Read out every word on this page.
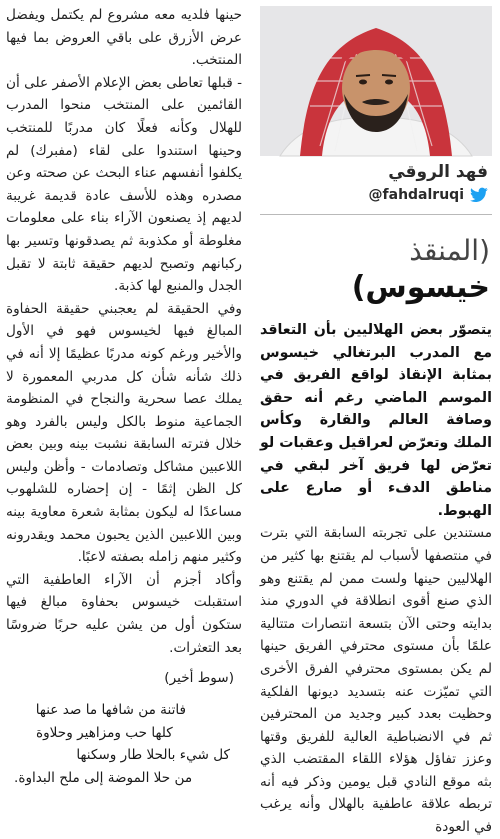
فهد الروقي
@fahdalruqi
(المنقذ
خيسوس)
يتصوّر بعض الهلاليين بأن التعاقد مع المدرب البرتغالي خيسوس بمثابة الإنقاذ لواقع الفريق في الموسم الماضي رغم أنه حقق وصافة العالم والقارة وكأس الملك وتعرّض لعراقيل وعقبات لو تعرّض لها فريق آخر لبقي في مناطق الدفء أو صارع على الهبوط.

مستندين على تجربته السابقة التي بترت في منتصفها لأسباب لم يقتنع بها كثير من الهلاليين حينها ولست ممن لم يقتنع وهو الذي صنع أقوى انطلاقة في الدوري منذ بدايته وحتى الآن بتسعة انتصارات متتالية علمًا بأن مستوى محترفي الفريق حينها لم يكن بمستوى محترفي الفرق الأخرى التي تميّزت عنه بتسديد ديونها الفلكية وحظيت بعدد كبير وجديد من المحترفين ثم في الانضباطية العالية للفريق وقتها وعزز تفاؤل هؤلاء اللقاء المقتضب الذي بثه موقع النادي قبل يومين وذكر فيه أنه تربطه علاقة عاطفية بالهلال وأنه يرغب في العودة

حينها فلديه معه مشروع لم يكتمل ويفضل عرض الأزرق على باقي العروض بما فيها المنتخب.

- قبلها تعاطى بعض الإعلام الأصفر على أن القائمين على المنتخب منحوا المدرب للهلال وكأنه فعلًا كان مدربًا للمنتخب وحينها استندوا على لقاء (مفبرك) لم يكلفوا أنفسهم عناء البحث عن صحته وعن مصدره وهذه للأسف عادة قديمة غريبة لديهم إذ يصنعون الآراء بناء على معلومات مغلوطة أو مكذوبة ثم يصدقونها وتسير بها ركبانهم وتصبح لديهم حقيقة ثابتة لا تقبل الجدل والمنبع لها كذبة.

وفي الحقيقة لم يعجبني حقيقة الحفاوة المبالغ فيها لخيسوس فهو في الأول والأخير ورغم كونه مدربًا عظيمًا إلا أنه في ذلك شأنه شأن كل مدربي المعمورة لا يملك عصا سحرية والنجاح في المنظومة الجماعية منوط بالكل وليس بالفرد وهو خلال فترته السابقة نشبت بينه وبين بعض اللاعبين مشاكل وتصادمات - وأظن وليس كل الظن إثمًا - إن إحضاره للشلهوب مساعدًا له ليكون بمثابة شعرة معاوية بينه وبين اللاعبين الذين يحبون محمد ويقدرونه وكثير منهم زامله بصفته لاعبًا.

وأكاد أجزم أن الآراء العاطفية التي استقبلت خيسوس بحفاوة مبالغ فيها ستكون أول من يشن عليه حربًا ضروسًا بعد التعثرات.

(سوط أخير)
فاتنة من شافها ما صد عنها
كلها حب ومزاهير وحلاوة
كل شيء بالحلا طار وسكنها
من حلا الموضة إلى ملح البداوة.
